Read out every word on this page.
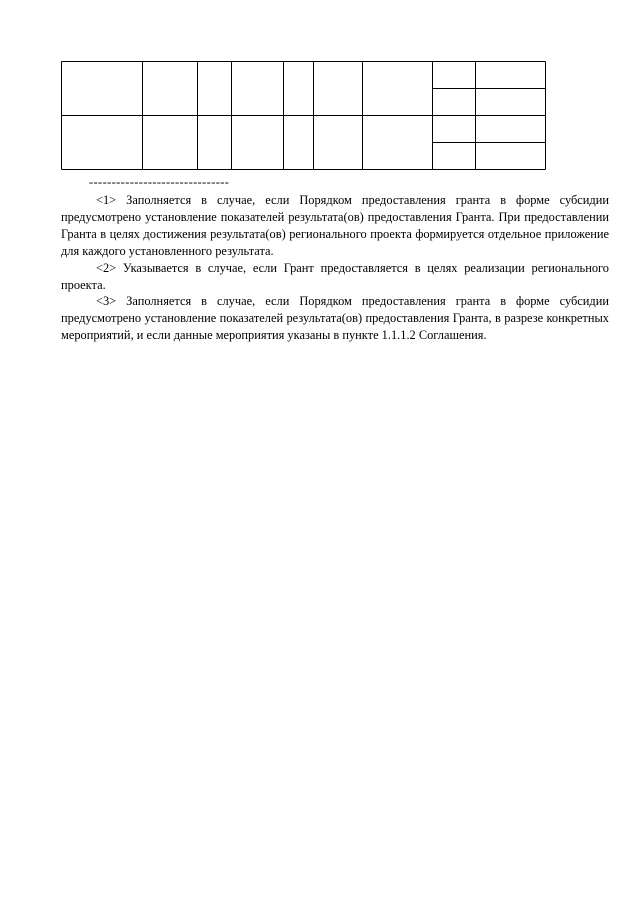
-------------------------------

<1> Заполняется в случае, если Порядком предоставления гранта в форме субсидии предусмотрено установление показателей результата(ов) предоставления Гранта. При предоставлении Гранта в целях достижения результата(ов) регионального проекта формируется отдельное приложение для каждого установленного результата.

<2> Указывается в случае, если Грант предоставляется в целях реализации регионального проекта.

<3> Заполняется в случае, если Порядком предоставления гранта в форме субсидии предусмотрено установление показателей результата(ов) предоставления Гранта, в разрезе конкретных мероприятий, и если данные мероприятия указаны в пункте 1.1.1.2 Соглашения.
